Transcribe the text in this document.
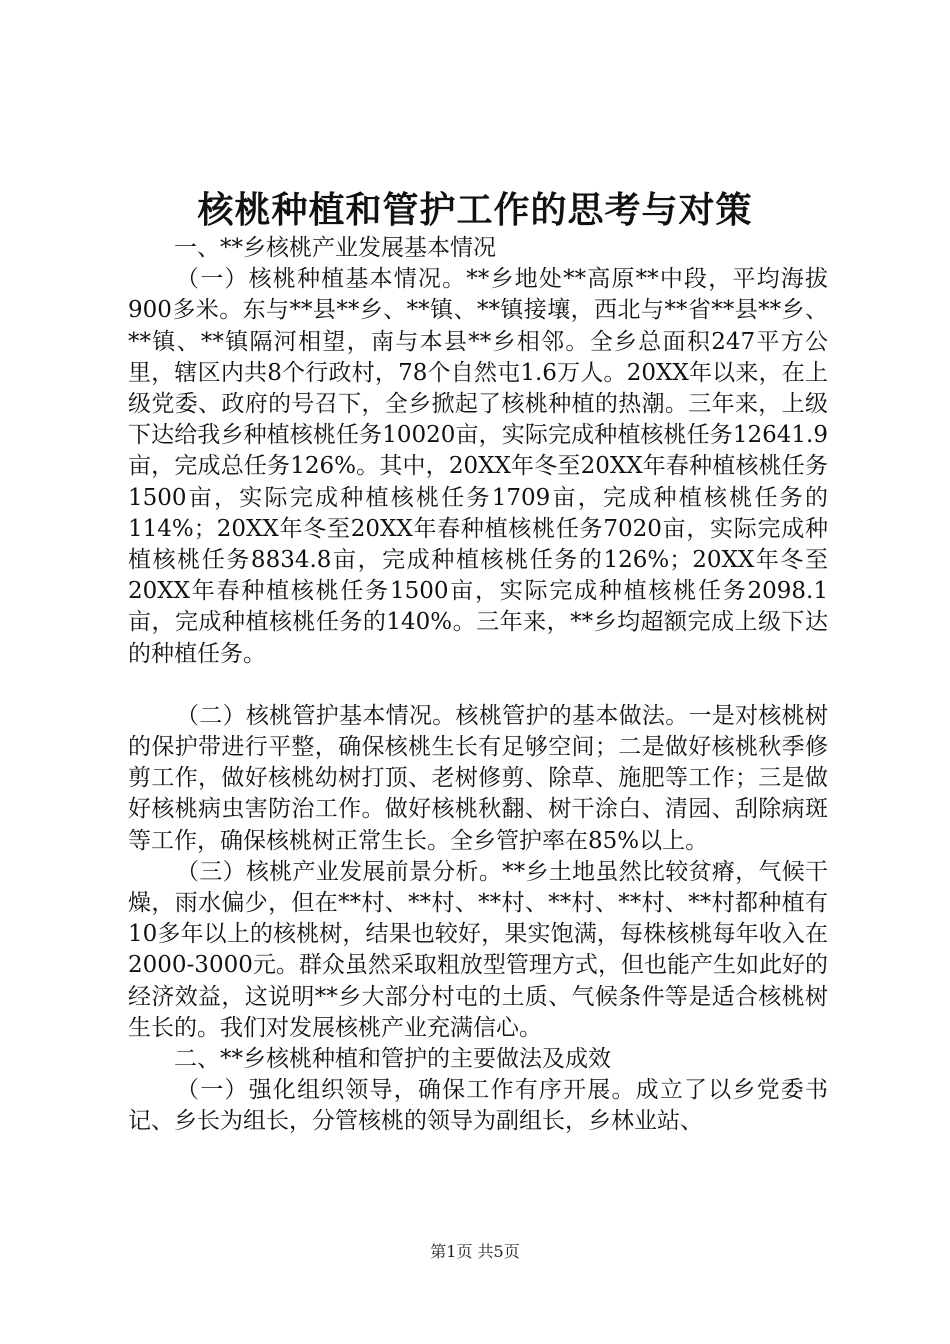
核桃种植和管护工作的思考与对策

一、**乡核桃产业发展基本情况

（一）核桃种植基本情况。**乡地处**高原**中段，平均海拔900多米。东与**县**乡、**镇、**镇接壤，西北与**省**县**乡、**镇、**镇隔河相望，南与本县**乡相邻。全乡总面积247平方公里，辖区内共8个行政村，78个自然屯1.6万人。20XX年以来，在上级党委、政府的号召下，全乡掀起了核桃种植的热潮。三年来，上级下达给我乡种植核桃任务10020亩，实际完成种植核桃任务12641.9亩，完成总任务126%。其中，20XX年冬至20XX年春种植核桃任务1500亩，实际完成种植核桃任务1709亩，完成种植核桃任务的114%；20XX年冬至20XX年春种植核桃任务7020亩，实际完成种植核桃任务8834.8亩，完成种植核桃任务的126%；20XX年冬至20XX年春种植核桃任务1500亩，实际完成种植核桃任务2098.1亩，完成种植核桃任务的140%。三年来，**乡均超额完成上级下达的种植任务。

（二）核桃管护基本情况。核桃管护的基本做法。一是对核桃树的保护带进行平整，确保核桃生长有足够空间；二是做好核桃秋季修剪工作，做好核桃幼树打顶、老树修剪、除草、施肥等工作；三是做好核桃病虫害防治工作。做好核桃秋翻、树干涂白、清园、刮除病斑等工作，确保核桃树正常生长。全乡管护率在85%以上。

（三）核桃产业发展前景分析。**乡土地虽然比较贫瘠，气候干燥，雨水偏少，但在**村、**村、**村、**村、**村、**村都种植有10多年以上的核桃树，结果也较好，果实饱满，每株核桃每年收入在2000-3000元。群众虽然采取粗放型管理方式，但也能产生如此好的经济效益，这说明**乡大部分村屯的土质、气候条件等是适合核桃树生长的。我们对发展核桃产业充满信心。

二、**乡核桃种植和管护的主要做法及成效

（一）强化组织领导，确保工作有序开展。成立了以乡党委书记、乡长为组长，分管核桃的领导为副组长，乡林业站、

第1页 共5页
